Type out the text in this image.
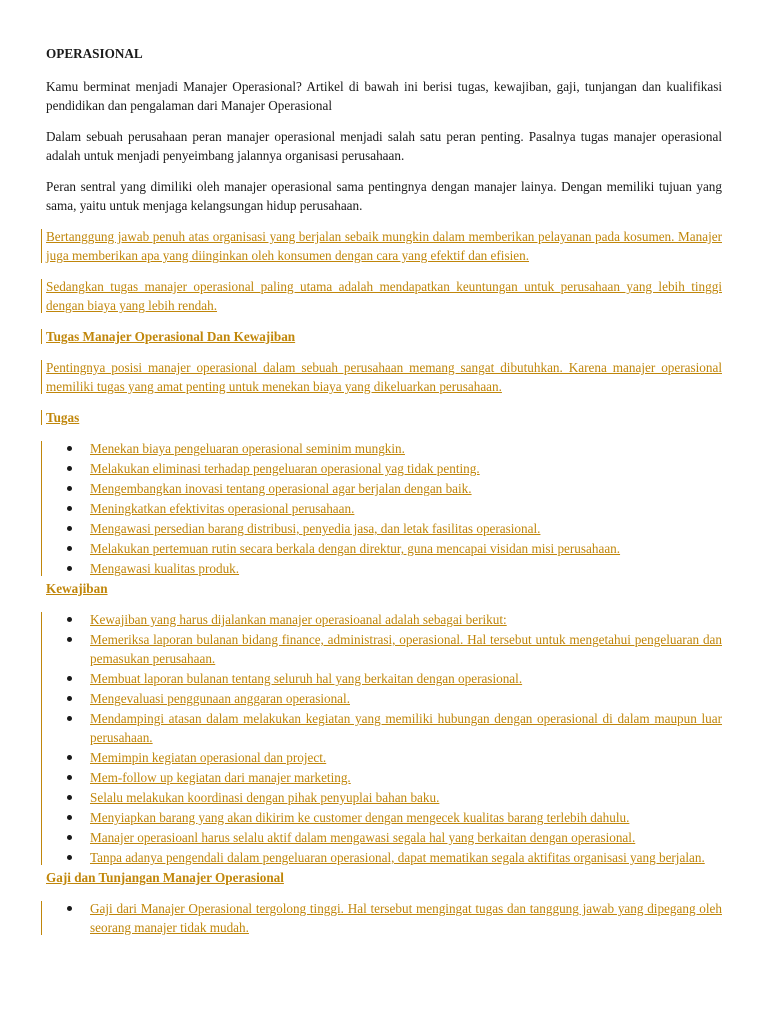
OPERASIONAL
Kamu berminat menjadi Manajer Operasional? Artikel di bawah ini berisi tugas, kewajiban, gaji, tunjangan dan kualifikasi pendidikan dan pengalaman dari Manajer Operasional
Dalam sebuah perusahaan peran manajer operasional menjadi salah satu peran penting. Pasalnya tugas manajer operasional adalah untuk menjadi penyeimbang jalannya organisasi perusahaan.
Peran sentral yang dimiliki oleh manajer operasional sama pentingnya dengan manajer lainya. Dengan memiliki tujuan yang sama, yaitu untuk menjaga kelangsungan hidup perusahaan.
Bertanggung jawab penuh atas organisasi yang berjalan sebaik mungkin dalam memberikan pelayanan pada kosumen. Manajer juga memberikan apa yang diinginkan oleh konsumen dengan cara yang efektif dan efisien.
Sedangkan tugas manajer operasional paling utama adalah mendapatkan keuntungan untuk perusahaan yang lebih tinggi dengan biaya yang lebih rendah.
Tugas Manajer Operasional Dan Kewajiban
Pentingnya posisi manajer operasional dalam sebuah perusahaan memang sangat dibutuhkan. Karena manajer operasional memiliki tugas yang amat penting untuk menekan biaya yang dikeluarkan perusahaan.
Tugas
Menekan biaya pengeluaran operasional seminim mungkin.
Melakukan eliminasi terhadap pengeluaran operasional yag tidak penting.
Mengembangkan inovasi tentang operasional agar berjalan dengan baik.
Meningkatkan efektivitas operasional perusahaan.
Mengawasi persedian barang distribusi, penyedia jasa, dan letak fasilitas operasional.
Melakukan pertemuan rutin secara berkala dengan direktur, guna mencapai visidan misi perusahaan.
Mengawasi kualitas produk.
Kewajiban
Kewajiban yang harus dijalankan manajer operasioanal adalah sebagai berikut:
Memeriksa laporan bulanan bidang finance, administrasi, operasional. Hal tersebut untuk mengetahui pengeluaran dan pemasukan perusahaan.
Membuat laporan bulanan tentang seluruh hal yang berkaitan dengan operasional.
Mengevaluasi penggunaan anggaran operasional.
Mendampingi atasan dalam melakukan kegiatan yang memiliki hubungan dengan operasional di dalam maupun luar perusahaan.
Memimpin kegiatan operasional dan project.
Mem-follow up kegiatan dari manajer marketing.
Selalu melakukan koordinasi dengan pihak penyuplai bahan baku.
Menyiapkan barang yang akan dikirim ke customer dengan mengecek kualitas barang terlebih dahulu.
Manajer operasioanl harus selalu aktif dalam mengawasi segala hal yang berkaitan dengan operasional.
Tanpa adanya pengendali dalam pengeluaran operasional, dapat mematikan segala aktifitas organisasi yang berjalan.
Gaji dan Tunjangan Manajer Operasional
Gaji dari Manajer Operasional tergolong tinggi. Hal tersebut mengingat tugas dan tanggung jawab yang dipegang oleh seorang manajer tidak mudah.
